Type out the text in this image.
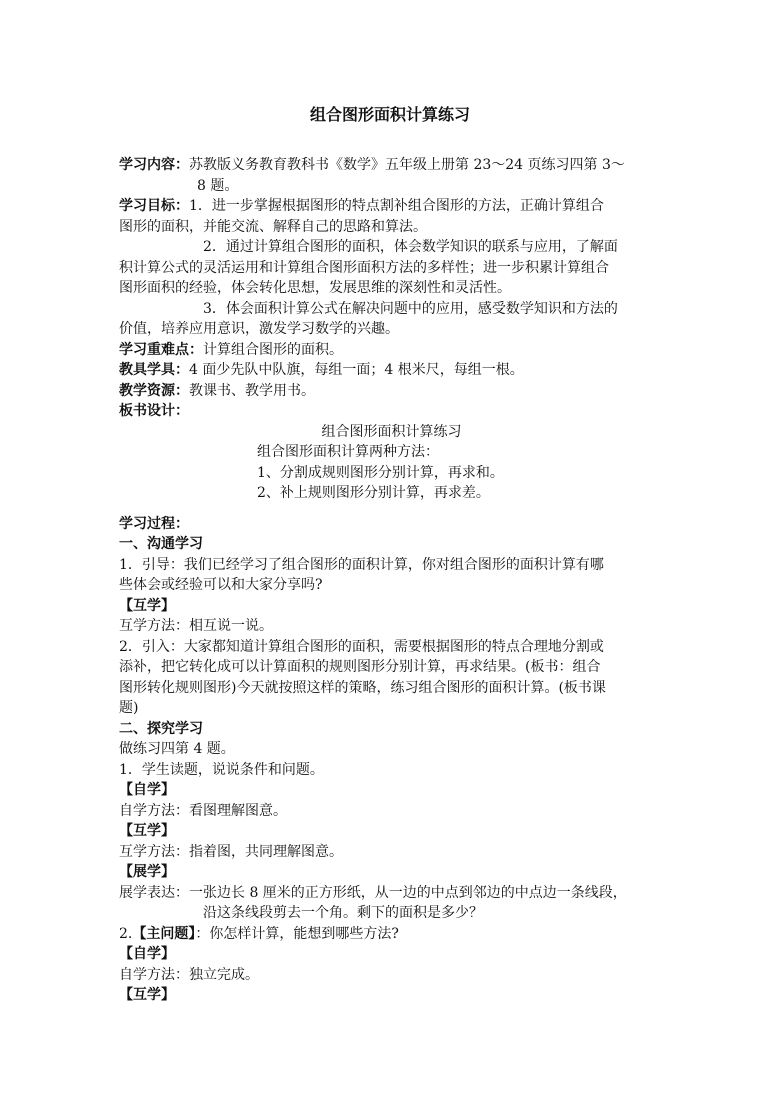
组合图形面积计算练习
学习内容：苏教版义务教育教科书《数学》五年级上册第 23～24 页练习四第 3～
8 题。
学习目标：1．进一步掌握根据图形的特点割补组合图形的方法，正确计算组合
图形的面积，并能交流、解释自己的思路和算法。
2．通过计算组合图形的面积，体会数学知识的联系与应用，了解面
积计算公式的灵活运用和计算组合图形面积方法的多样性；进一步积累计算组合
图形面积的经验，体会转化思想，发展思维的深刻性和灵活性。
3．体会面积计算公式在解决问题中的应用，感受数学知识和方法的
价值，培养应用意识，激发学习数学的兴趣。
学习重难点：计算组合图形的面积。
教具学具：4 面少先队中队旗，每组一面；4 根米尺，每组一根。
教学资源：教课书、教学用书。
板书设计：
组合图形面积计算练习
组合图形面积计算两种方法：
1、分割成规则图形分别计算，再求和。
2、补上规则图形分别计算，再求差。
学习过程：
一、沟通学习
1．引导：我们已经学习了组合图形的面积计算，你对组合图形的面积计算有哪
些体会或经验可以和大家分享吗?
【互学】
互学方法：相互说一说。
2．引入：大家都知道计算组合图形的面积，需要根据图形的特点合理地分割或
添补，把它转化成可以计算面积的规则图形分别计算，再求结果。(板书：组合
图形转化规则图形)今天就按照这样的策略，练习组合图形的面积计算。(板书课
题)
二、探究学习
做练习四第 4 题。
1．学生读题，说说条件和问题。
【自学】
自学方法：看图理解图意。
【互学】
互学方法：指着图，共同理解图意。
【展学】
展学表达：一张边长 8 厘米的正方形纸，从一边的中点到邻边的中点边一条线段，
沿这条线段剪去一个角。剩下的面积是多少？
2.【主问题】：你怎样计算，能想到哪些方法?
【自学】
自学方法：独立完成。
【互学】
